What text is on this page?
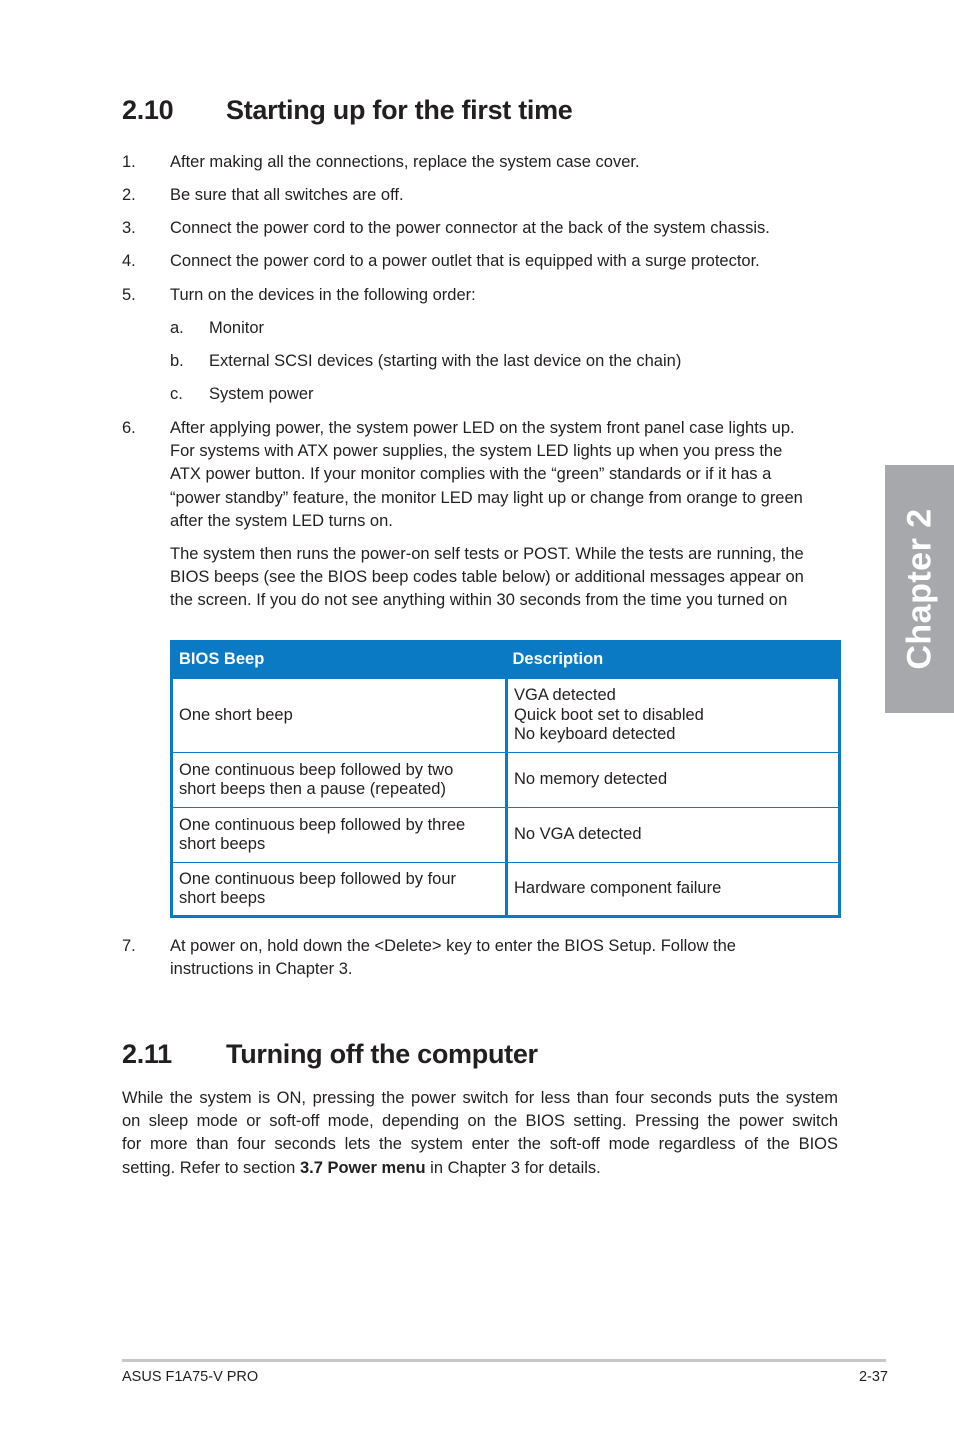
2.10 Starting up for the first time
1. After making all the connections, replace the system case cover.
2. Be sure that all switches are off.
3. Connect the power cord to the power connector at the back of the system chassis.
4. Connect the power cord to a power outlet that is equipped with a surge protector.
5. Turn on the devices in the following order:
a. Monitor
b. External SCSI devices (starting with the last device on the chain)
c. System power
6. After applying power, the system power LED on the system front panel case lights up.
For systems with ATX power supplies, the system LED lights up when you press the
ATX power button. If your monitor complies with the “green” standards or if it has a
“power standby” feature, the monitor LED may light up or change from orange to green
after the system LED turns on.
The system then runs the power-on self tests or POST. While the tests are running, the
BIOS beeps (see the BIOS beep codes table below) or additional messages appear on
the screen. If you do not see anything within 30 seconds from the time you turned on
BIOS Beep	Description

One short beep	VGA detected
Quick boot set to disabled
No keyboard detected

One continuous beep followed by two
short beeps then a pause (repeated)	No memory detected

One continuous beep followed by three
short beeps	No VGA detected

One continuous beep followed by four
short beeps	Hardware component failure
7. At power on, hold down the <Delete> key to enter the BIOS Setup. Follow the
instructions in Chapter 3.
2.11 Turning off the computer
While the system is ON, pressing the power switch for less than four seconds puts the system
on sleep mode or soft-off mode, depending on the BIOS setting. Pressing the power switch
for more than four seconds lets the system enter the soft-off mode regardless of the BIOS
setting. Refer to section 3.7 Power menu in Chapter 3 for details.
Chapter 2
ASUS F1A75-V PRO	2-37
